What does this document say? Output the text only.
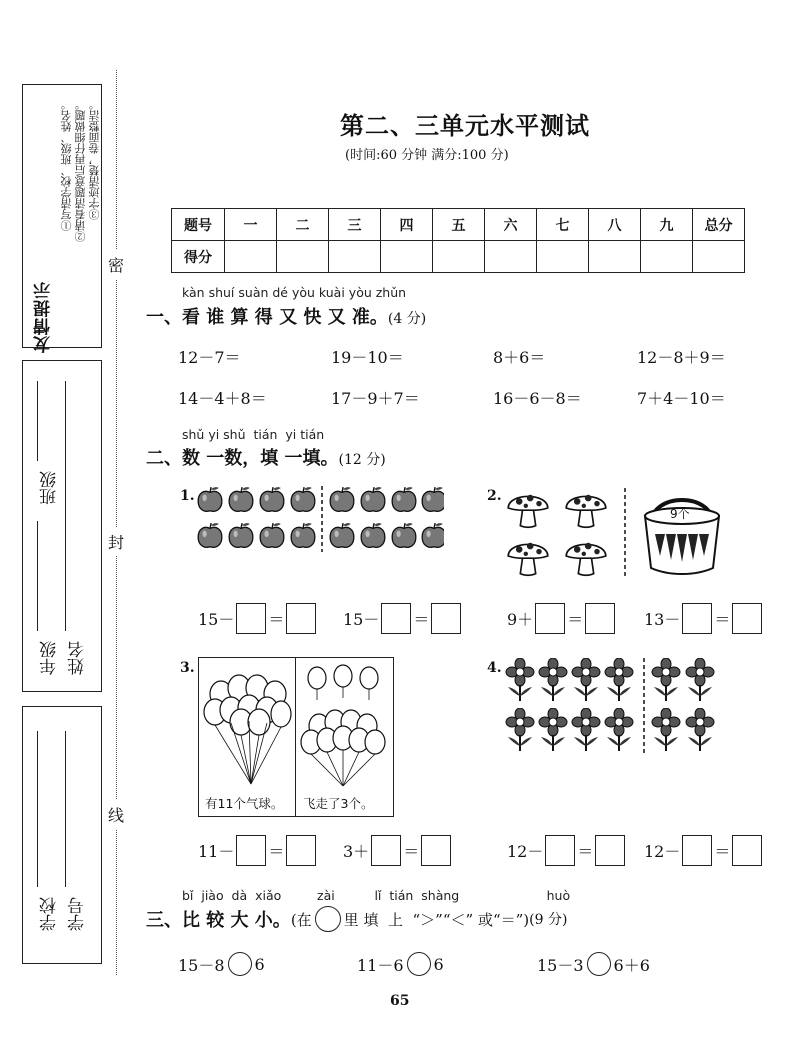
友情提示
①写清学校、班级、姓名。 ②请看清题意后再仔细做题。 ③字迹清楚，卷面整洁。
班级
年级 姓名
学校 学号
密
封
线
第二、三单元水平测试
(时间:60 分钟 满分:100 分)
题号	一	二	三	四	五	六	七	八	九	总分
得分										
kàn shuí suàn dé yòu kuài yòu zhǔn
一、看 谁 算 得 又 快 又 准。(4 分)
12－7＝	19－10＝	8＋6＝	12－8＋9＝
14－4＋8＝	17－9＋7＝	16－6－8＝	7＋4－10＝
shǔ yi shǔ  tián  yi tián
二、数 一数，填 一填。(12 分)
1.	2.
9个
15－ ＝	15－ ＝	9＋ ＝	13－ ＝
3.
有11个气球。 飞走了3个。
4.
11－ ＝	3＋ ＝	12－ ＝	12－ ＝
bǐ  jiào  dà  xiǎo         zài          lǐ  tián  shàng                      huò
三、比 较 大 小。 (在 里 填  上  “＞”“＜” 或“＝”) (9 分)
15－8 6	11－6 6	15－3 6＋6
65
